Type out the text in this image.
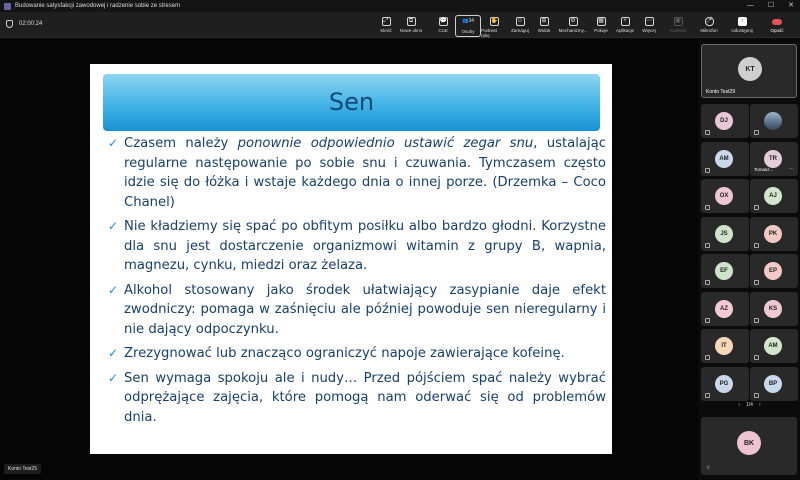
Budowanie satysfakcji zawodowej i radzenie sobie ze stresem	— ☐ ✕
02:00:24	⤢
Skróć
⧉
Nowe okno
💬
Czat
👥34
Osoby
✋
Podnieś rękę
☺
Zareaguj
⊞
Widok
⚙
Mechanizmy...
▦
Pokoje
+
Aplikacje
⋯
Więcej
▣
Kamera
🎤
Mikrofon
↑
Udostępnij	Opuść
Sen
✓ Czasem należy ponownie odpowiednio ustawić zegar snu, ustalając regularne następowanie po sobie snu i czuwania. Tymczasem często idzie się do łóżka i wstaje każdego dnia o innej porze. (Drzemka – Coco Chanel)
✓ Nie kładziemy się spać po obfitym posiłku albo bardzo głodni. Korzystne dla snu jest dostarczenie organizmowi witamin z grupy B, wapnia, magnezu, cynku, miedzi oraz żelaza.
✓ Alkohol stosowany jako środek ułatwiający zasypianie daje efekt zwodniczy: pomaga w zaśnięciu ale później powoduje sen nieregularny i nie dający odpoczynku.
✓ Zrezygnować lub znacząco ograniczyć napoje zawierające kofeinę.
✓ Sen wymaga spokoju ale i nudy… Przed pójściem spać należy wybrać odprężające zajęcia, które pomogą nam oderwać się od problemów dnia.
Konto Test25
KT
Konto Test29
DJ
AM	TR
Tomasz...	⋯
OX	AJ
JS	PK
EF	EP
AZ	KS
IT	AM
PG	BP
‹ 1/4 ›
BK
ıl
